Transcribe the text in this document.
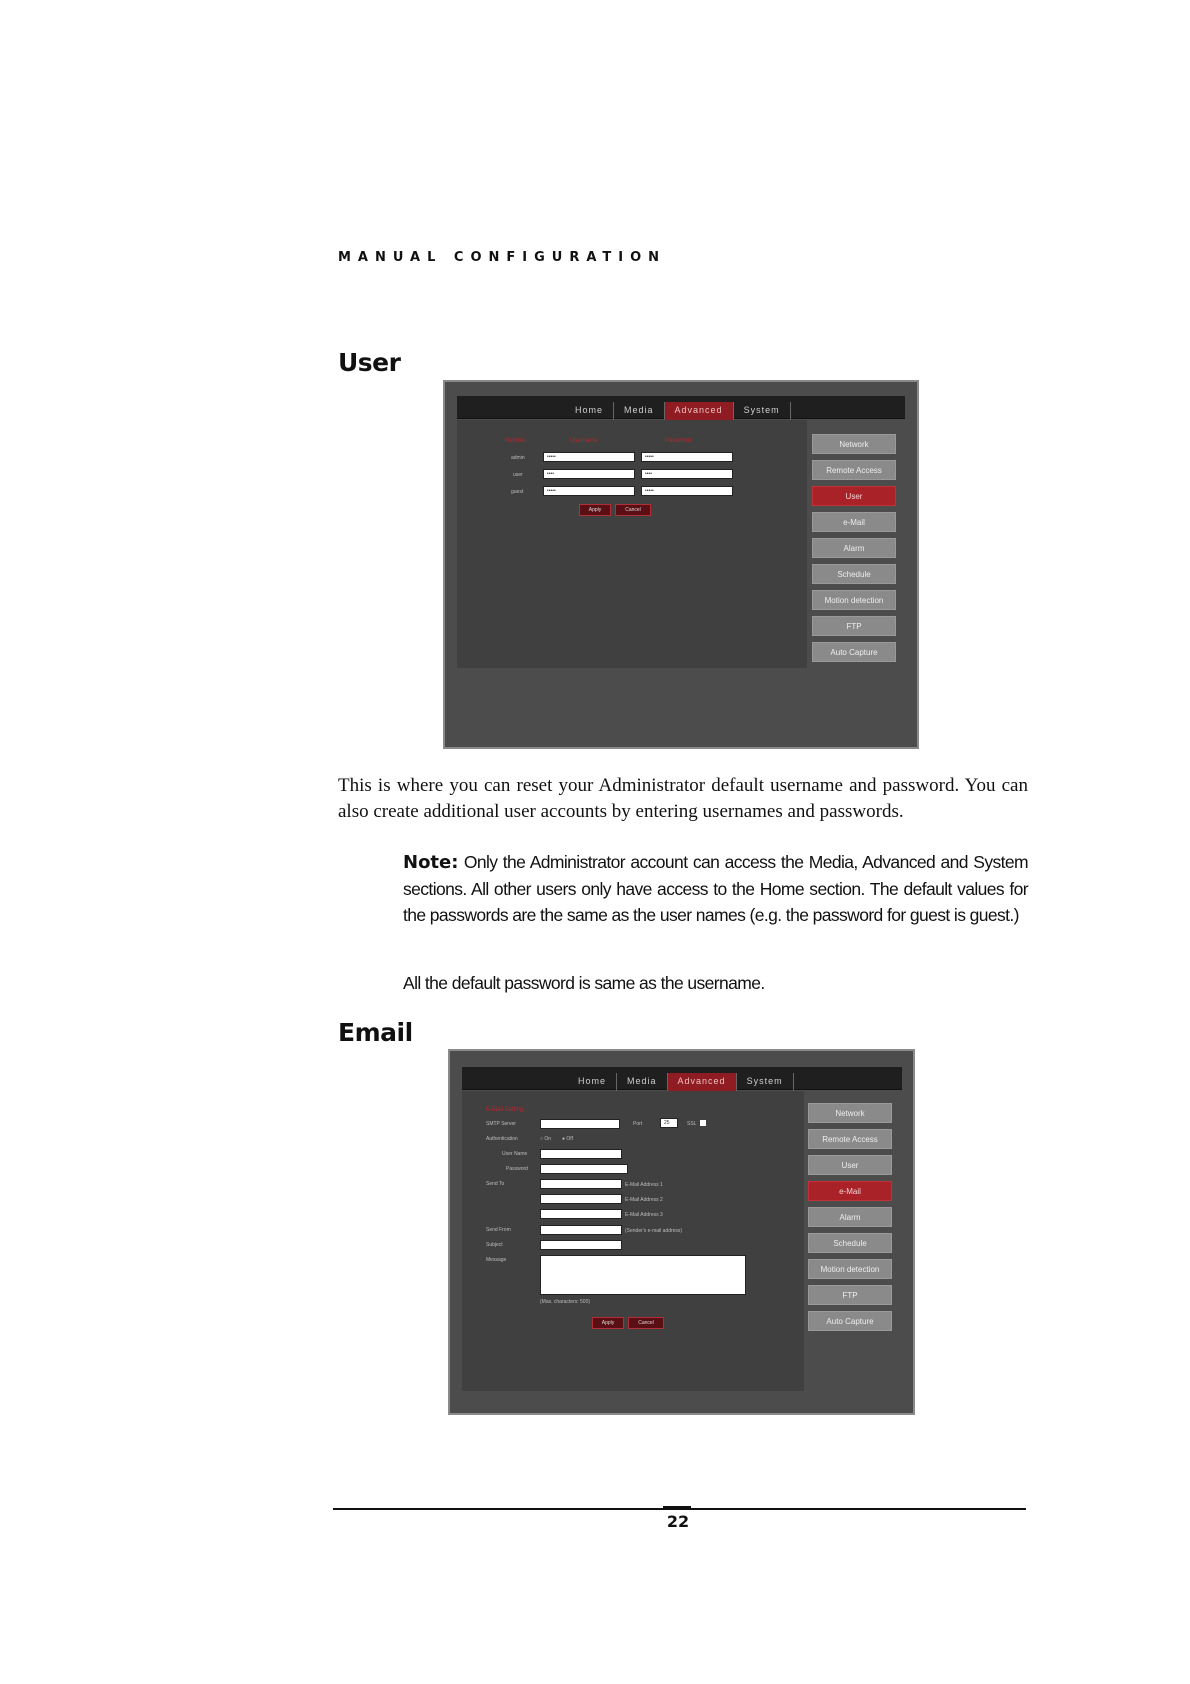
MANUAL CONFIGURATION
User
Home	Media	Advanced	System
Number	Username	Password
admin	•••••	•••••
user	••••	••••
guest	•••••	•••••
Apply	Cancel
Network
Remote Access
User
e-Mail
Alarm
Schedule
Motion detection
FTP
Auto Capture
This is where you can reset your Administrator default username and password. You can also create additional user accounts by entering usernames and passwords.
Note: Only the Administrator account can access the Media, Advanced and System sections. All other users only have access to the Home section. The default values for the passwords are the same as the user names (e.g. the password for guest is guest.)
All the default password is same as the username.
Email
Home	Media	Advanced	System
E-Mail Setting
SMTP Server	Port	25	SSL
Authentication	○ On ● Off
User Name
Password
Send To	E-Mail Address 1
E-Mail Address 2
E-Mail Address 3
Send From	(Sender's e-mail address)
Subject
Message
(Max. characters: 500)
Apply	Cancel
Network
Remote Access
User
e-Mail
Alarm
Schedule
Motion detection
FTP
Auto Capture
22
